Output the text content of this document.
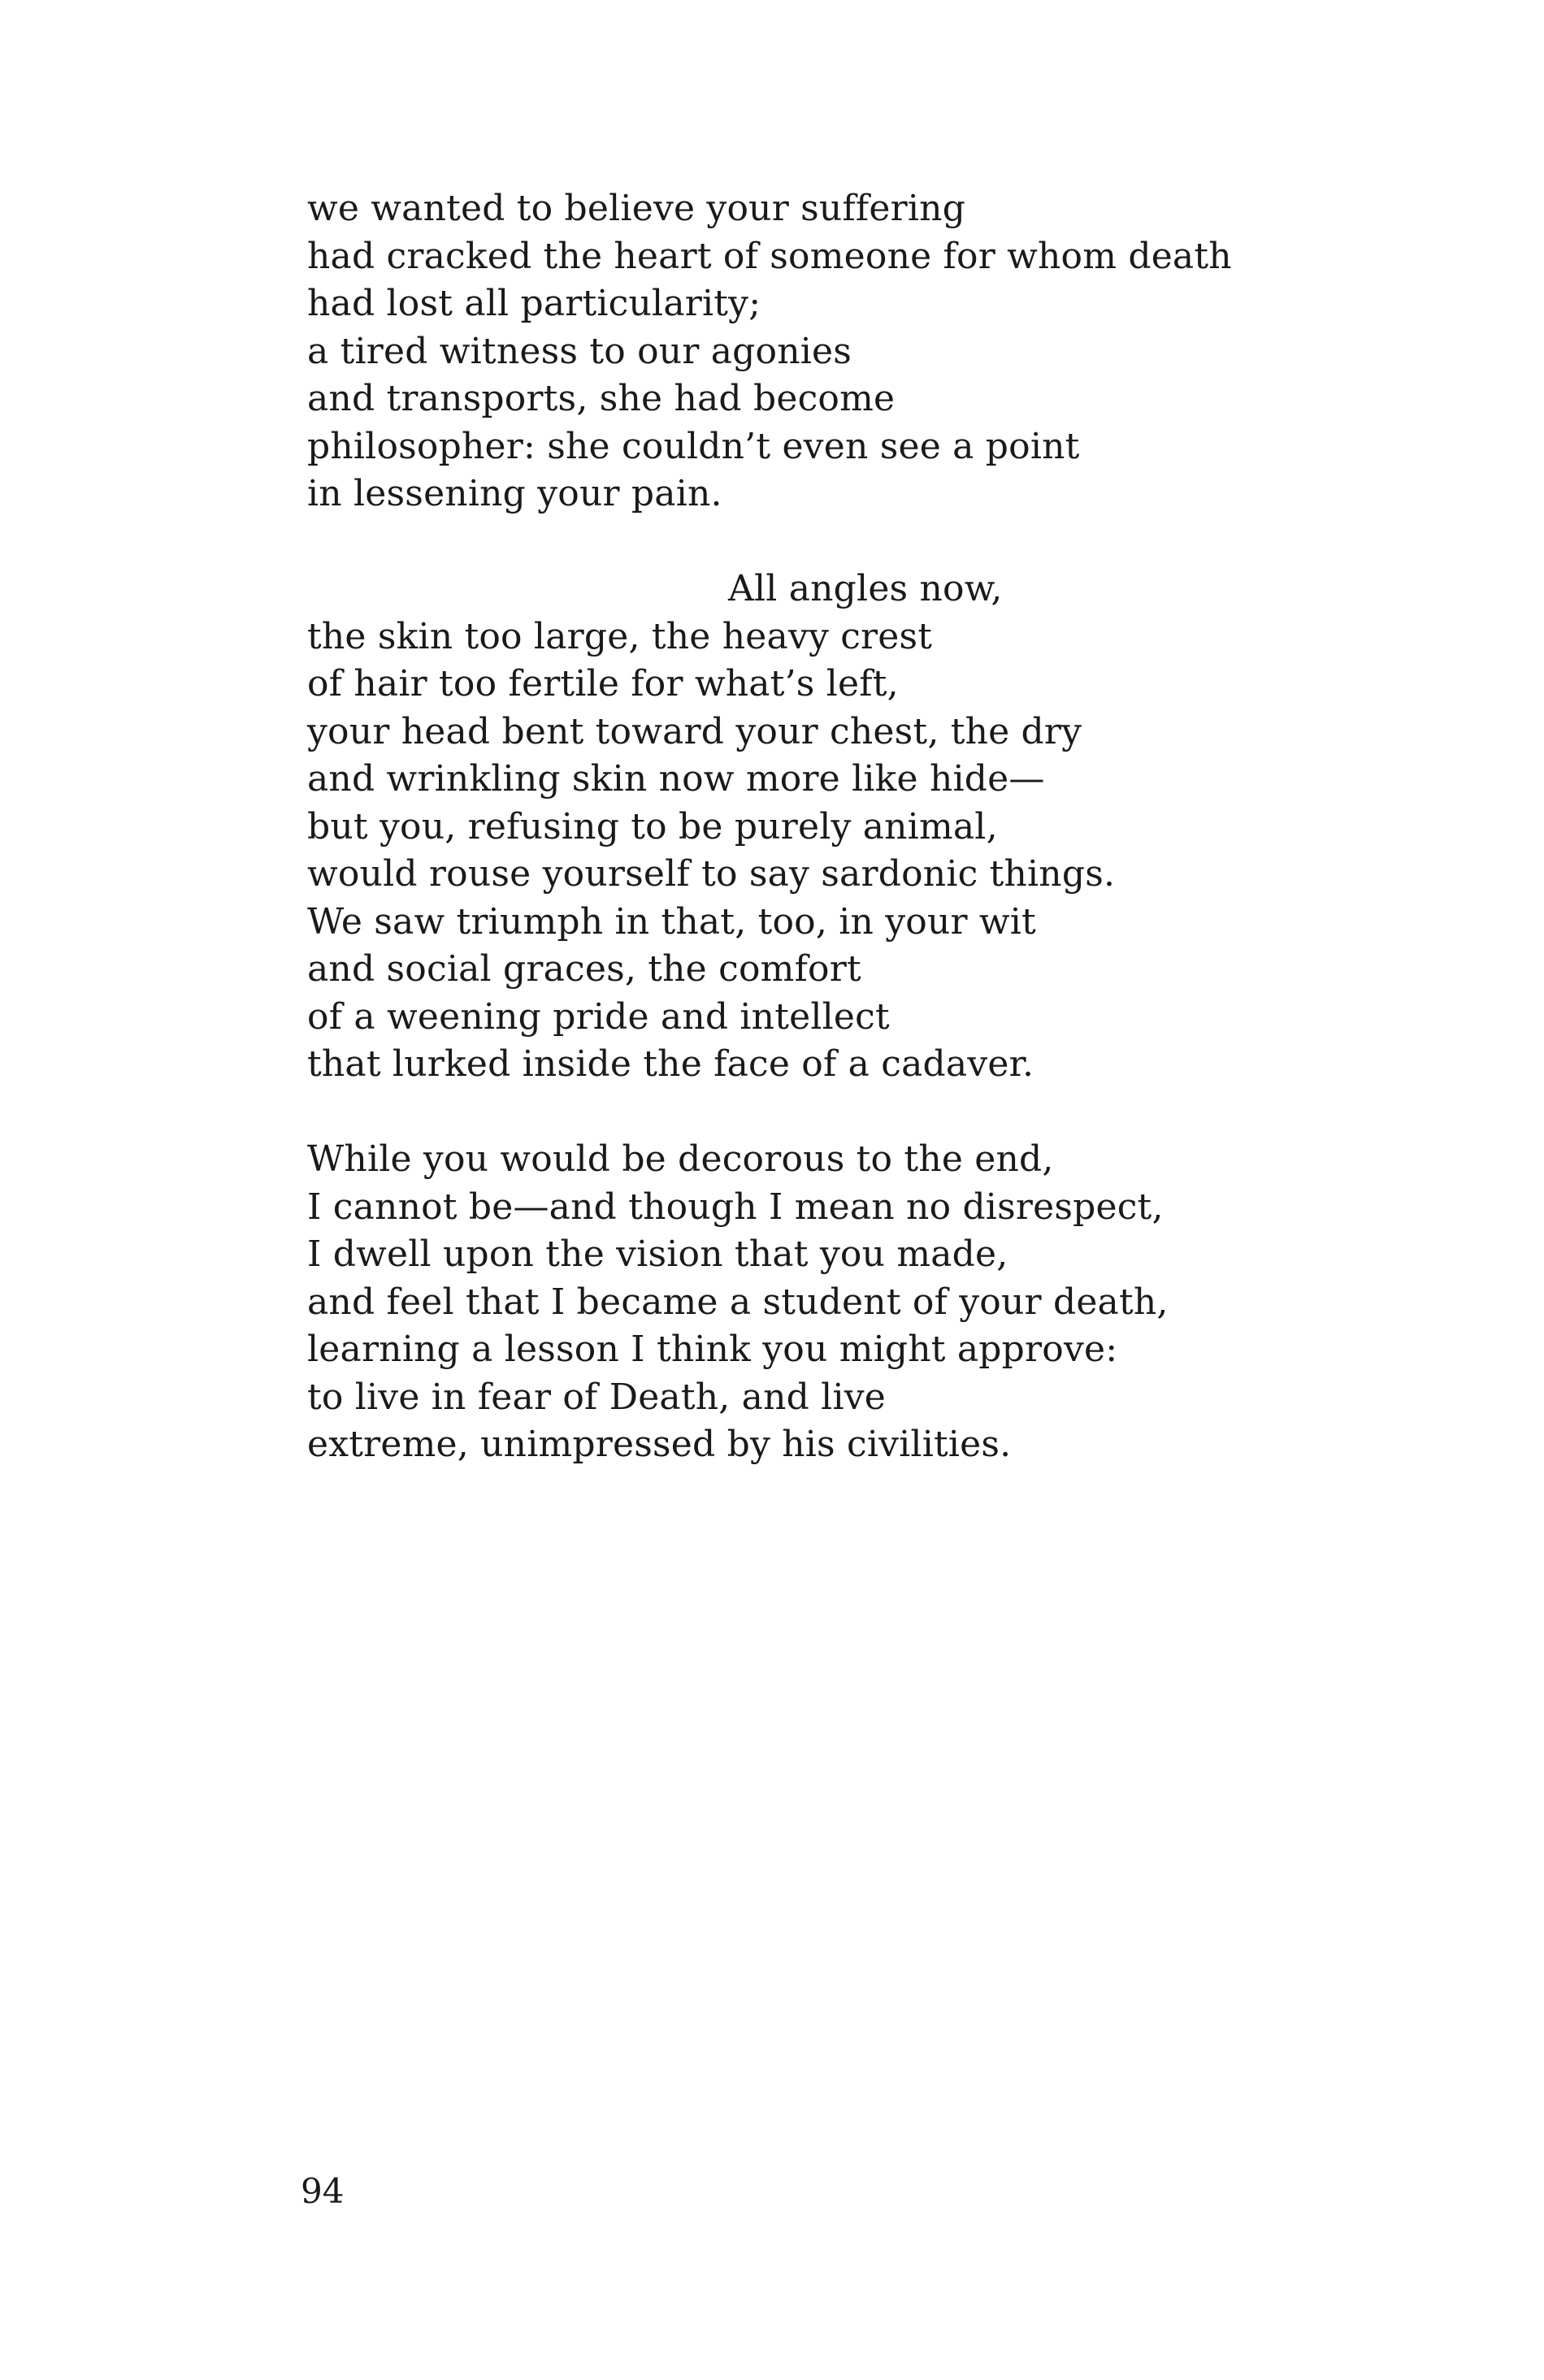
we wanted to believe your suffering
had cracked the heart of someone for whom death
had lost all particularity;
a tired witness to our agonies
and transports, she had become
philosopher: she couldn’t even see a point
in lessening your pain.
All angles now,
the skin too large, the heavy crest
of hair too fertile for what’s left,
your head bent toward your chest, the dry
and wrinkling skin now more like hide—
but you, refusing to be purely animal,
would rouse yourself to say sardonic things.
We saw triumph in that, too, in your wit
and social graces, the comfort
of a weening pride and intellect
that lurked inside the face of a cadaver.
While you would be decorous to the end,
I cannot be—and though I mean no disrespect,
I dwell upon the vision that you made,
and feel that I became a student of your death,
learning a lesson I think you might approve:
to live in fear of Death, and live
extreme, unimpressed by his civilities.
94
